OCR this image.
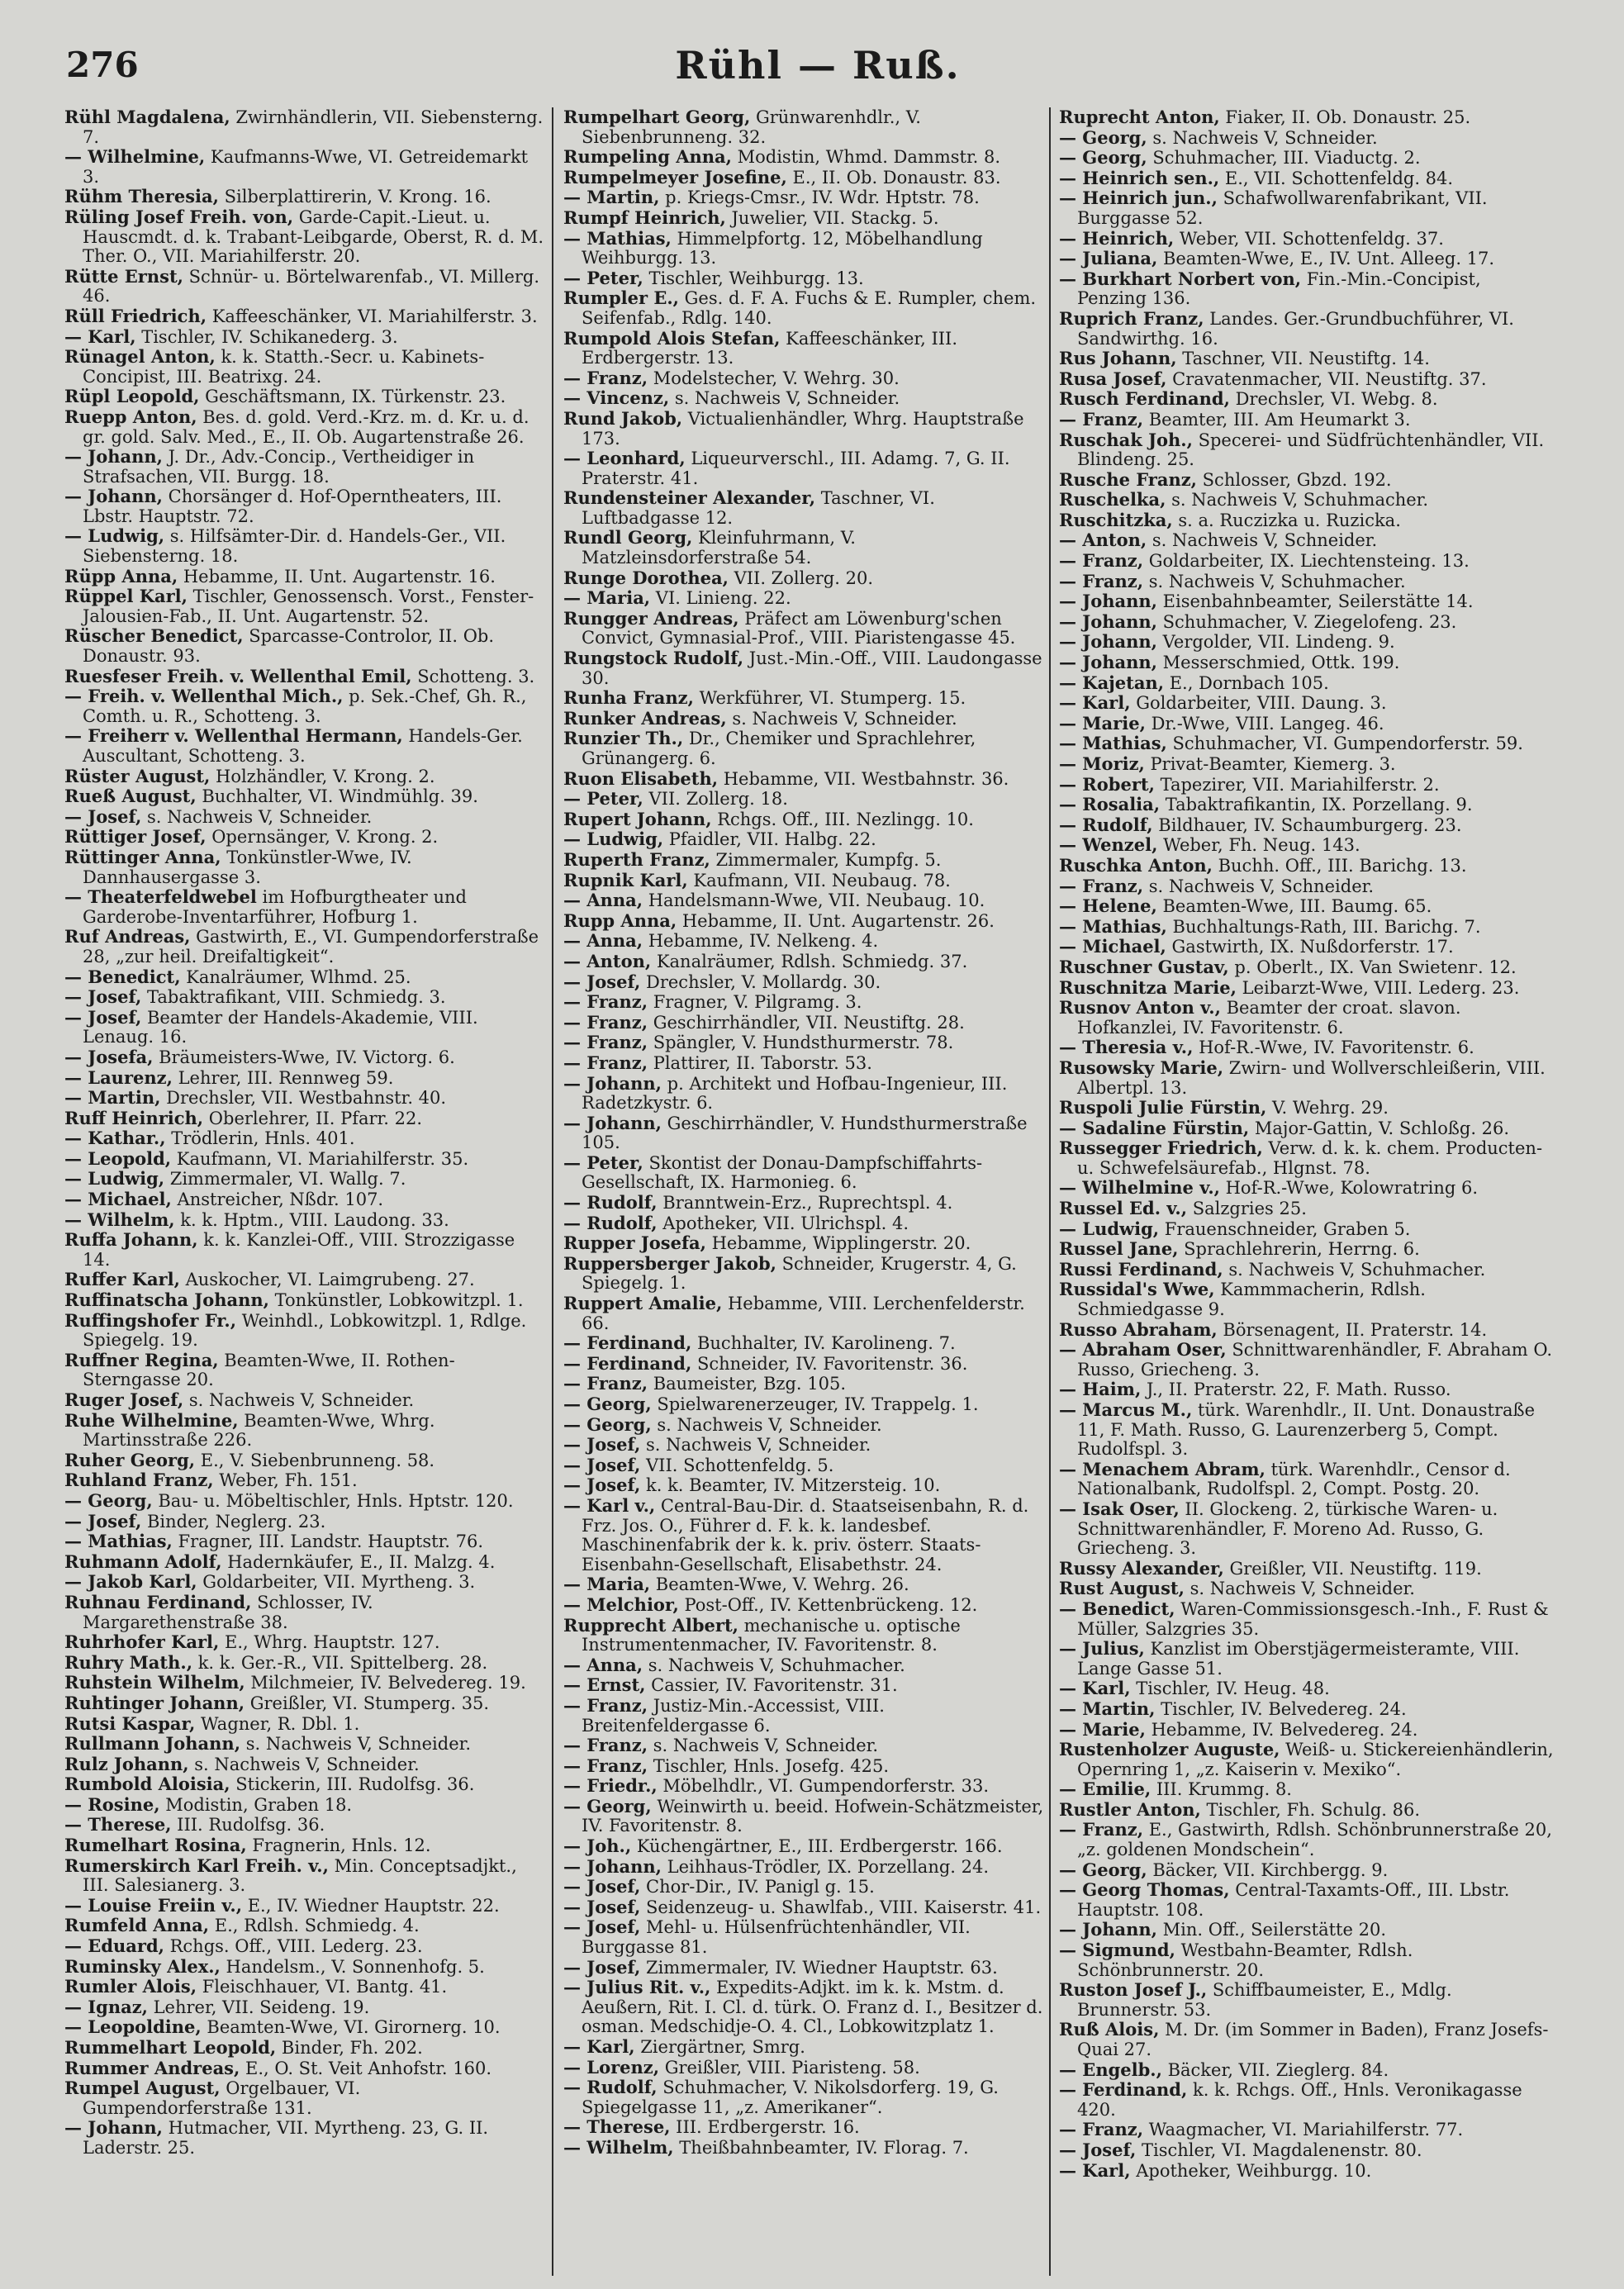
276	Rühl — Ruß.

Rühl Magdalena, Zwirnhändlerin, VII. Siebensterng. 7.

— Wilhelmine, Kaufmanns-Wwe, VI. Getreidemarkt 3.

Rühm Theresia, Silberplattirerin, V. Krong. 16.

Rüling Josef Freih. von, Garde-Capit.-Lieut. u. Hauscmdt. d. k. Trabant-Leibgarde, Oberst, R. d. M. Ther. O., VII. Mariahilferstr. 20.

Rütte Ernst, Schnür- u. Börtelwarenfab., VI. Millerg. 46.

Rüll Friedrich, Kaffeeschänker, VI. Mariahilferstr. 3.

— Karl, Tischler, IV. Schikanederg. 3.

Rünagel Anton, k. k. Statth.-Secr. u. Kabinets-Concipist, III. Beatrixg. 24.

Rüpl Leopold, Geschäftsmann, IX. Türkenstr. 23.

Ruepp Anton, Bes. d. gold. Verd.-Krz. m. d. Kr. u. d. gr. gold. Salv. Med., E., II. Ob. Augartenstraße 26.

— Johann, J. Dr., Adv.-Concip., Vertheidiger in Strafsachen, VII. Burgg. 18.

— Johann, Chorsänger d. Hof-Operntheaters, III. Lbstr. Hauptstr. 72.

— Ludwig, s. Hilfsämter-Dir. d. Handels-Ger., VII. Siebensterng. 18.

Rüpp Anna, Hebamme, II. Unt. Augartenstr. 16.

Rüppel Karl, Tischler, Genossensch. Vorst., Fenster-Jalousien-Fab., II. Unt. Augartenstr. 52.

Rüscher Benedict, Sparcasse-Controlor, II. Ob. Donaustr. 93.

Ruesfeser Freih. v. Wellenthal Emil, Schotteng. 3.

— Freih. v. Wellenthal Mich., p. Sek.-Chef, Gh. R., Comth. u. R., Schotteng. 3.

— Freiherr v. Wellenthal Hermann, Handels-Ger. Auscultant, Schotteng. 3.

Rüster August, Holzhändler, V. Krong. 2.

Rueß August, Buchhalter, VI. Windmühlg. 39.

— Josef, s. Nachweis V, Schneider.

Rüttiger Josef, Opernsänger, V. Krong. 2.

Rüttinger Anna, Tonkünstler-Wwe, IV. Dannhausergasse 3.

— Theaterfeldwebel im Hofburgtheater und Garderobe-Inventarführer, Hofburg 1.

Ruf Andreas, Gastwirth, E., VI. Gumpendorferstraße 28, „zur heil. Dreifaltigkeit“.

— Benedict, Kanalräumer, Wlhmd. 25.

— Josef, Tabaktrafikant, VIII. Schmiedg. 3.

— Josef, Beamter der Handels-Akademie, VIII. Lenaug. 16.

— Josefa, Bräumeisters-Wwe, IV. Victorg. 6.

— Laurenz, Lehrer, III. Rennweg 59.

— Martin, Drechsler, VII. Westbahnstr. 40.

Ruff Heinrich, Oberlehrer, II. Pfarr. 22.

— Kathar., Trödlerin, Hnls. 401.

— Leopold, Kaufmann, VI. Mariahilferstr. 35.

— Ludwig, Zimmermaler, VI. Wallg. 7.

— Michael, Anstreicher, Nßdr. 107.

— Wilhelm, k. k. Hptm., VIII. Laudong. 33.

Ruffa Johann, k. k. Kanzlei-Off., VIII. Strozzigasse 14.

Ruffer Karl, Auskocher, VI. Laimgrubeng. 27.

Ruffinatscha Johann, Tonkünstler, Lobkowitzpl. 1.

Ruffingshofer Fr., Weinhdl., Lobkowitzpl. 1, Rdlge. Spiegelg. 19.

Ruffner Regina, Beamten-Wwe, II. Rothen-Sterngasse 20.

Ruger Josef, s. Nachweis V, Schneider.

Ruhe Wilhelmine, Beamten-Wwe, Whrg. Martinsstraße 226.

Ruher Georg, E., V. Siebenbrunneng. 58.

Ruhland Franz, Weber, Fh. 151.

— Georg, Bau- u. Möbeltischler, Hnls. Hptstr. 120.

— Josef, Binder, Neglerg. 23.

— Mathias, Fragner, III. Landstr. Hauptstr. 76.

Ruhmann Adolf, Hadernkäufer, E., II. Malzg. 4.

— Jakob Karl, Goldarbeiter, VII. Myrtheng. 3.

Ruhnau Ferdinand, Schlosser, IV. Margarethenstraße 38.

Ruhrhofer Karl, E., Whrg. Hauptstr. 127.

Ruhry Math., k. k. Ger.-R., VII. Spittelberg. 28.

Ruhstein Wilhelm, Milchmeier, IV. Belvedereg. 19.

Ruhtinger Johann, Greißler, VI. Stumperg. 35.

Rutsi Kaspar, Wagner, R. Dbl. 1.

Rullmann Johann, s. Nachweis V, Schneider.

Rulz Johann, s. Nachweis V, Schneider.

Rumbold Aloisia, Stickerin, III. Rudolfsg. 36.

— Rosine, Modistin, Graben 18.

— Therese, III. Rudolfsg. 36.

Rumelhart Rosina, Fragnerin, Hnls. 12.

Rumerskirch Karl Freih. v., Min. Conceptsadjkt., III. Salesianerg. 3.

— Louise Freiin v., E., IV. Wiedner Hauptstr. 22.

Rumfeld Anna, E., Rdlsh. Schmiedg. 4.

— Eduard, Rchgs. Off., VIII. Lederg. 23.

Ruminsky Alex., Handelsm., V. Sonnenhofg. 5.

Rumler Alois, Fleischhauer, VI. Bantg. 41.

— Ignaz, Lehrer, VII. Seideng. 19.

— Leopoldine, Beamten-Wwe, VI. Girornerg. 10.

Rummelhart Leopold, Binder, Fh. 202.

Rummer Andreas, E., O. St. Veit Anhofstr. 160.

Rumpel August, Orgelbauer, VI. Gumpendorferstraße 131.

— Johann, Hutmacher, VII. Myrtheng. 23, G. II. Laderstr. 25.

Rumpelhart Georg, Grünwarenhdlr., V. Siebenbrunneng. 32.

Rumpeling Anna, Modistin, Whmd. Dammstr. 8.

Rumpelmeyer Josefine, E., II. Ob. Donaustr. 83.

— Martin, p. Kriegs-Cmsr., IV. Wdr. Hptstr. 78.

Rumpf Heinrich, Juwelier, VII. Stackg. 5.

— Mathias, Himmelpfortg. 12, Möbelhandlung Weihburgg. 13.

— Peter, Tischler, Weihburgg. 13.

Rumpler E., Ges. d. F. A. Fuchs & E. Rumpler, chem. Seifenfab., Rdlg. 140.

Rumpold Alois Stefan, Kaffeeschänker, III. Erdbergerstr. 13.

— Franz, Modelstecher, V. Wehrg. 30.

— Vincenz, s. Nachweis V, Schneider.

Rund Jakob, Victualienhändler, Whrg. Hauptstraße 173.

— Leonhard, Liqueurverschl., III. Adamg. 7, G. II. Praterstr. 41.

Rundensteiner Alexander, Taschner, VI. Luftbadgasse 12.

Rundl Georg, Kleinfuhrmann, V. Matzleinsdorferstraße 54.

Runge Dorothea, VII. Zollerg. 20.

— Maria, VI. Linieng. 22.

Rungger Andreas, Präfect am Löwenburg'schen Convict, Gymnasial-Prof., VIII. Piaristengasse 45.

Rungstock Rudolf, Just.-Min.-Off., VIII. Laudongasse 30.

Runha Franz, Werkführer, VI. Stumperg. 15.

Runker Andreas, s. Nachweis V, Schneider.

Runzier Th., Dr., Chemiker und Sprachlehrer, Grünangerg. 6.

Ruon Elisabeth, Hebamme, VII. Westbahnstr. 36.

— Peter, VII. Zollerg. 18.

Rupert Johann, Rchgs. Off., III. Nezlingg. 10.

— Ludwig, Pfaidler, VII. Halbg. 22.

Ruperth Franz, Zimmermaler, Kumpfg. 5.

Rupnik Karl, Kaufmann, VII. Neubaug. 78.

— Anna, Handelsmann-Wwe, VII. Neubaug. 10.

Rupp Anna, Hebamme, II. Unt. Augartenstr. 26.

— Anna, Hebamme, IV. Nelkeng. 4.

— Anton, Kanalräumer, Rdlsh. Schmiedg. 37.

— Josef, Drechsler, V. Mollardg. 30.

— Franz, Fragner, V. Pilgramg. 3.

— Franz, Geschirrhändler, VII. Neustiftg. 28.

— Franz, Spängler, V. Hundsthurmerstr. 78.

— Franz, Plattirer, II. Taborstr. 53.

— Johann, p. Architekt und Hofbau-Ingenieur, III. Radetzkystr. 6.

— Johann, Geschirrhändler, V. Hundsthurmerstraße 105.

— Peter, Skontist der Donau-Dampfschiffahrts-Gesellschaft, IX. Harmonieg. 6.

— Rudolf, Branntwein-Erz., Ruprechtspl. 4.

— Rudolf, Apotheker, VII. Ulrichspl. 4.

Rupper Josefa, Hebamme, Wipplingerstr. 20.

Ruppersberger Jakob, Schneider, Krugerstr. 4, G. Spiegelg. 1.

Ruppert Amalie, Hebamme, VIII. Lerchenfelderstr. 66.

— Ferdinand, Buchhalter, IV. Karolineng. 7.

— Ferdinand, Schneider, IV. Favoritenstr. 36.

— Franz, Baumeister, Bzg. 105.

— Georg, Spielwarenerzeuger, IV. Trappelg. 1.

— Georg, s. Nachweis V, Schneider.

— Josef, s. Nachweis V, Schneider.

— Josef, VII. Schottenfeldg. 5.

— Josef, k. k. Beamter, IV. Mitzersteig. 10.

— Karl v., Central-Bau-Dir. d. Staatseisenbahn, R. d. Frz. Jos. O., Führer d. F. k. k. landesbef. Maschinenfabrik der k. k. priv. österr. Staats-Eisenbahn-Gesellschaft, Elisabethstr. 24.

— Maria, Beamten-Wwe, V. Wehrg. 26.

— Melchior, Post-Off., IV. Kettenbrückeng. 12.

Rupprecht Albert, mechanische u. optische Instrumentenmacher, IV. Favoritenstr. 8.

— Anna, s. Nachweis V, Schuhmacher.

— Ernst, Cassier, IV. Favoritenstr. 31.

— Franz, Justiz-Min.-Accessist, VIII. Breitenfeldergasse 6.

— Franz, s. Nachweis V, Schneider.

— Franz, Tischler, Hnls. Josefg. 425.

— Friedr., Möbelhdlr., VI. Gumpendorferstr. 33.

— Georg, Weinwirth u. beeid. Hofwein-Schätzmeister, IV. Favoritenstr. 8.

— Joh., Küchengärtner, E., III. Erdbergerstr. 166.

— Johann, Leihhaus-Trödler, IX. Porzellang. 24.

— Josef, Chor-Dir., IV. Panigl g. 15.

— Josef, Seidenzeug- u. Shawlfab., VIII. Kaiserstr. 41.

— Josef, Mehl- u. Hülsenfrüchtenhändler, VII. Burggasse 81.

— Josef, Zimmermaler, IV. Wiedner Hauptstr. 63.

— Julius Rit. v., Expedits-Adjkt. im k. k. Mstm. d. Aeußern, Rit. I. Cl. d. türk. O. Franz d. I., Besitzer d. osman. Medschidje-O. 4. Cl., Lobkowitzplatz 1.

— Karl, Ziergärtner, Smrg.

— Lorenz, Greißler, VIII. Piaristeng. 58.

— Rudolf, Schuhmacher, V. Nikolsdorferg. 19, G. Spiegelgasse 11, „z. Amerikaner“.

— Therese, III. Erdbergerstr. 16.

— Wilhelm, Theißbahnbeamter, IV. Florag. 7.

Ruprecht Anton, Fiaker, II. Ob. Donaustr. 25.

— Georg, s. Nachweis V, Schneider.

— Georg, Schuhmacher, III. Viaductg. 2.

— Heinrich sen., E., VII. Schottenfeldg. 84.

— Heinrich jun., Schafwollwarenfabrikant, VII. Burggasse 52.

— Heinrich, Weber, VII. Schottenfeldg. 37.

— Juliana, Beamten-Wwe, E., IV. Unt. Alleeg. 17.

— Burkhart Norbert von, Fin.-Min.-Concipist, Penzing 136.

Ruprich Franz, Landes. Ger.-Grundbuchführer, VI. Sandwirthg. 16.

Rus Johann, Taschner, VII. Neustiftg. 14.

Rusa Josef, Cravatenmacher, VII. Neustiftg. 37.

Rusch Ferdinand, Drechsler, VI. Webg. 8.

— Franz, Beamter, III. Am Heumarkt 3.

Ruschak Joh., Specerei- und Südfrüchtenhändler, VII. Blindeng. 25.

Rusche Franz, Schlosser, Gbzd. 192.

Ruschelka, s. Nachweis V, Schuhmacher.

Ruschitzka, s. a. Ruczizka u. Ruzicka.

— Anton, s. Nachweis V, Schneider.

— Franz, Goldarbeiter, IX. Liechtensteing. 13.

— Franz, s. Nachweis V, Schuhmacher.

— Johann, Eisenbahnbeamter, Seilerstätte 14.

— Johann, Schuhmacher, V. Ziegelofeng. 23.

— Johann, Vergolder, VII. Lindeng. 9.

— Johann, Messerschmied, Ottk. 199.

— Kajetan, E., Dornbach 105.

— Karl, Goldarbeiter, VIII. Daung. 3.

— Marie, Dr.-Wwe, VIII. Langeg. 46.

— Mathias, Schuhmacher, VI. Gumpendorferstr. 59.

— Moriz, Privat-Beamter, Kiemerg. 3.

— Robert, Tapezirer, VII. Mariahilferstr. 2.

— Rosalia, Tabaktrafikantin, IX. Porzellang. 9.

— Rudolf, Bildhauer, IV. Schaumburgerg. 23.

— Wenzel, Weber, Fh. Neug. 143.

Ruschka Anton, Buchh. Off., III. Barichg. 13.

— Franz, s. Nachweis V, Schneider.

— Helene, Beamten-Wwe, III. Baumg. 65.

— Mathias, Buchhaltungs-Rath, III. Barichg. 7.

— Michael, Gastwirth, IX. Nußdorferstr. 17.

Ruschner Gustav, p. Oberlt., IX. Van Swietenг. 12.

Ruschnitza Marie, Leibarzt-Wwe, VIII. Lederg. 23.

Rusnov Anton v., Beamter der croat. slavon. Hofkanzlei, IV. Favoritenstr. 6.

— Theresia v., Hof-R.-Wwe, IV. Favoritenstr. 6.

Rusowsky Marie, Zwirn- und Wollverschleißerin, VIII. Albertpl. 13.

Ruspoli Julie Fürstin, V. Wehrg. 29.

— Sadaline Fürstin, Major-Gattin, V. Schloßg. 26.

Russegger Friedrich, Verw. d. k. k. chem. Producten- u. Schwefelsäurefab., Hlgnst. 78.

— Wilhelmine v., Hof-R.-Wwe, Kolowratring 6.

Russel Ed. v., Salzgries 25.

— Ludwig, Frauenschneider, Graben 5.

Russel Jane, Sprachlehrerin, Herrng. 6.

Russi Ferdinand, s. Nachweis V, Schuhmacher.

Russidal's Wwe, Kammmacherin, Rdlsh. Schmiedgasse 9.

Russo Abraham, Börsenagent, II. Praterstr. 14.

— Abraham Oser, Schnittwarenhändler, F. Abraham O. Russo, Griecheng. 3.

— Haim, J., II. Praterstr. 22, F. Math. Russo.

— Marcus M., türk. Warenhdlr., II. Unt. Donaustraße 11, F. Math. Russo, G. Laurenzerberg 5, Compt. Rudolfspl. 3.

— Menachem Abram, türk. Warenhdlr., Censor d. Nationalbank, Rudolfspl. 2, Compt. Postg. 20.

— Isak Oser, II. Glockeng. 2, türkische Waren- u. Schnittwarenhändler, F. Moreno Ad. Russo, G. Griecheng. 3.

Russy Alexander, Greißler, VII. Neustiftg. 119.

Rust August, s. Nachweis V, Schneider.

— Benedict, Waren-Commissionsgesch.-Inh., F. Rust & Müller, Salzgries 35.

— Julius, Kanzlist im Oberstjägermeisteramte, VIII. Lange Gasse 51.

— Karl, Tischler, IV. Heug. 48.

— Martin, Tischler, IV. Belvedereg. 24.

— Marie, Hebamme, IV. Belvedereg. 24.

Rustenholzer Auguste, Weiß- u. Stickereienhändlerin, Opernring 1, „z. Kaiserin v. Mexiko“.

— Emilie, III. Krummg. 8.

Rustler Anton, Tischler, Fh. Schulg. 86.

— Franz, E., Gastwirth, Rdlsh. Schönbrunnerstraße 20, „z. goldenen Mondschein“.

— Georg, Bäcker, VII. Kirchbergg. 9.

— Georg Thomas, Central-Taxamts-Off., III. Lbstr. Hauptstr. 108.

— Johann, Min. Off., Seilerstätte 20.

— Sigmund, Westbahn-Beamter, Rdlsh. Schönbrunnerstr. 20.

Ruston Josef J., Schiffbaumeister, E., Mdlg. Brunnerstr. 53.

Ruß Alois, M. Dr. (im Sommer in Baden), Franz Josefs-Quai 27.

— Engelb., Bäcker, VII. Zieglerg. 84.

— Ferdinand, k. k. Rchgs. Off., Hnls. Veronikagasse 420.

— Franz, Waagmacher, VI. Mariahilferstr. 77.

— Josef, Tischler, VI. Magdalenenstr. 80.

— Karl, Apotheker, Weihburgg. 10.
